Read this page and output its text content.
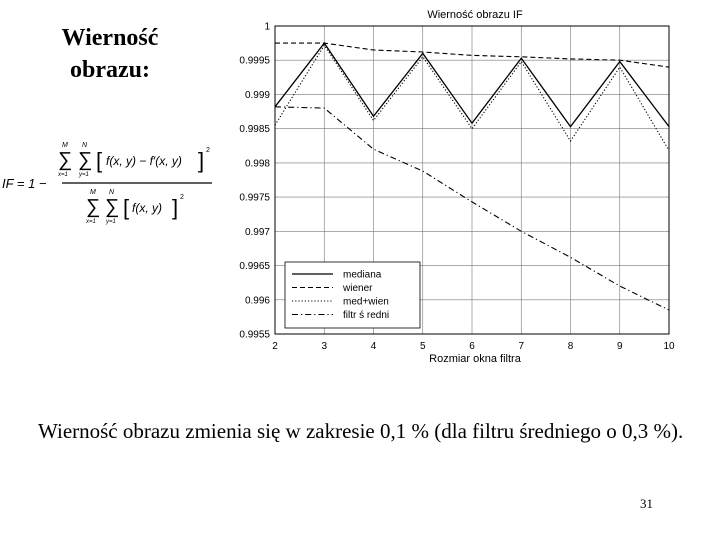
Wierność
obrazu:
IF = 1 −
M N
∑ ∑
x=1 y=1
[ f(x, y) − f′(x, y) ] 2
M N
∑ ∑
x=1 y=1
[ f(x, y) ] 2
Wierność obrazu IF
2	3	4	5	6	7	8	9	10
0.9955
0.996
0.9965
0.997
0.9975
0.998
0.9985
0.999
0.9995
1
mediana
wiener
med+wien
filtr ś redni
Rozmiar okna filtra
Wierność obrazu zmienia się w zakresie 0,1 % (dla filtru średniego o 0,3 %).
31
